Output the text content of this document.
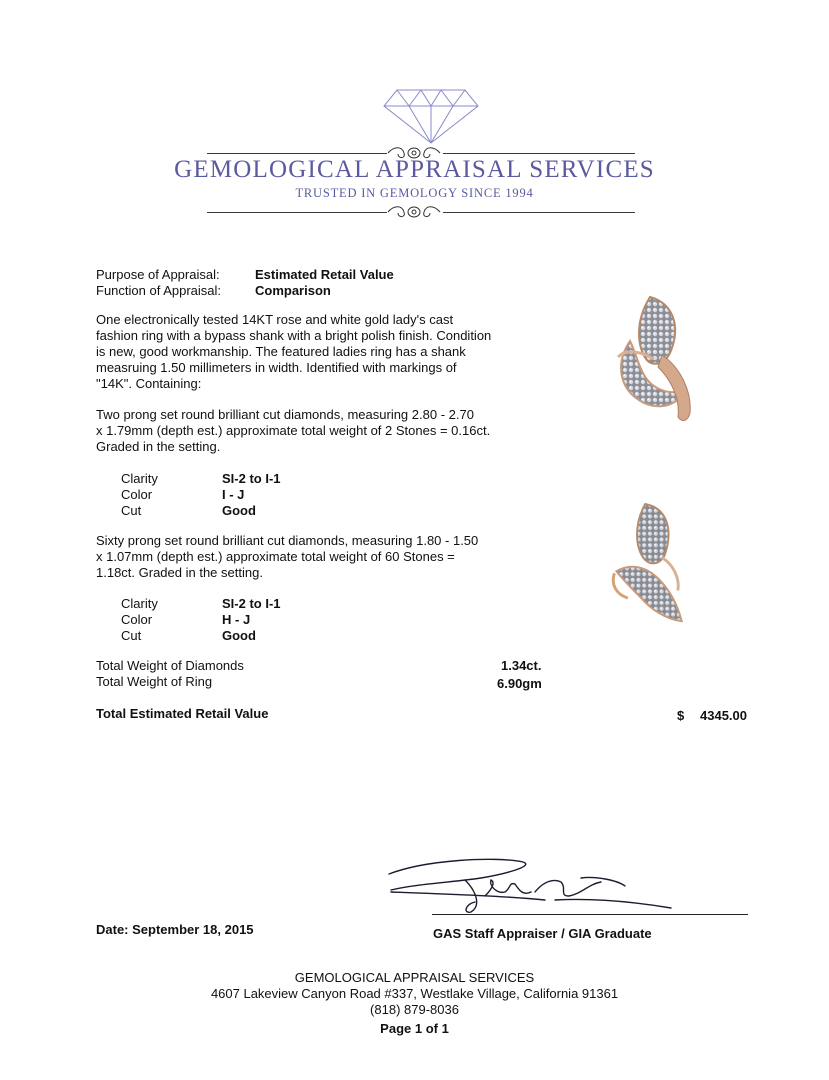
GEMOLOGICAL APPRAISAL SERVICES
TRUSTED IN GEMOLOGY SINCE 1994
Purpose of Appraisal:	Estimated Retail Value
Function of Appraisal:	Comparison
One electronically tested 14KT rose and white gold lady's cast
fashion ring with a bypass shank with a bright polish finish. Condition
is new, good workmanship. The featured ladies ring has a shank
measruing 1.50 millimeters in width. Identified with markings of
"14K". Containing:
Two prong set round brilliant cut diamonds, measuring 2.80 - 2.70
x 1.79mm (depth est.) approximate total weight of 2 Stones = 0.16ct.
Graded in the setting.
Clarity	SI-2 to I-1
Color	I - J
Cut	Good
Sixty prong set round brilliant cut diamonds, measuring 1.80 - 1.50
x 1.07mm (depth est.) approximate total weight of 60 Stones =
1.18ct. Graded in the setting.
Clarity	SI-2 to I-1
Color	H - J
Cut	Good
Total Weight of Diamonds	1.34ct.
Total Weight of Ring	6.90gm
Total Estimated Retail Value	$ 4345.00
Date: September 18, 2015	GAS Staff Appraiser / GIA Graduate
GEMOLOGICAL APPRAISAL SERVICES
4607 Lakeview Canyon Road #337, Westlake Village, California 91361
(818) 879-8036
Page 1 of 1
